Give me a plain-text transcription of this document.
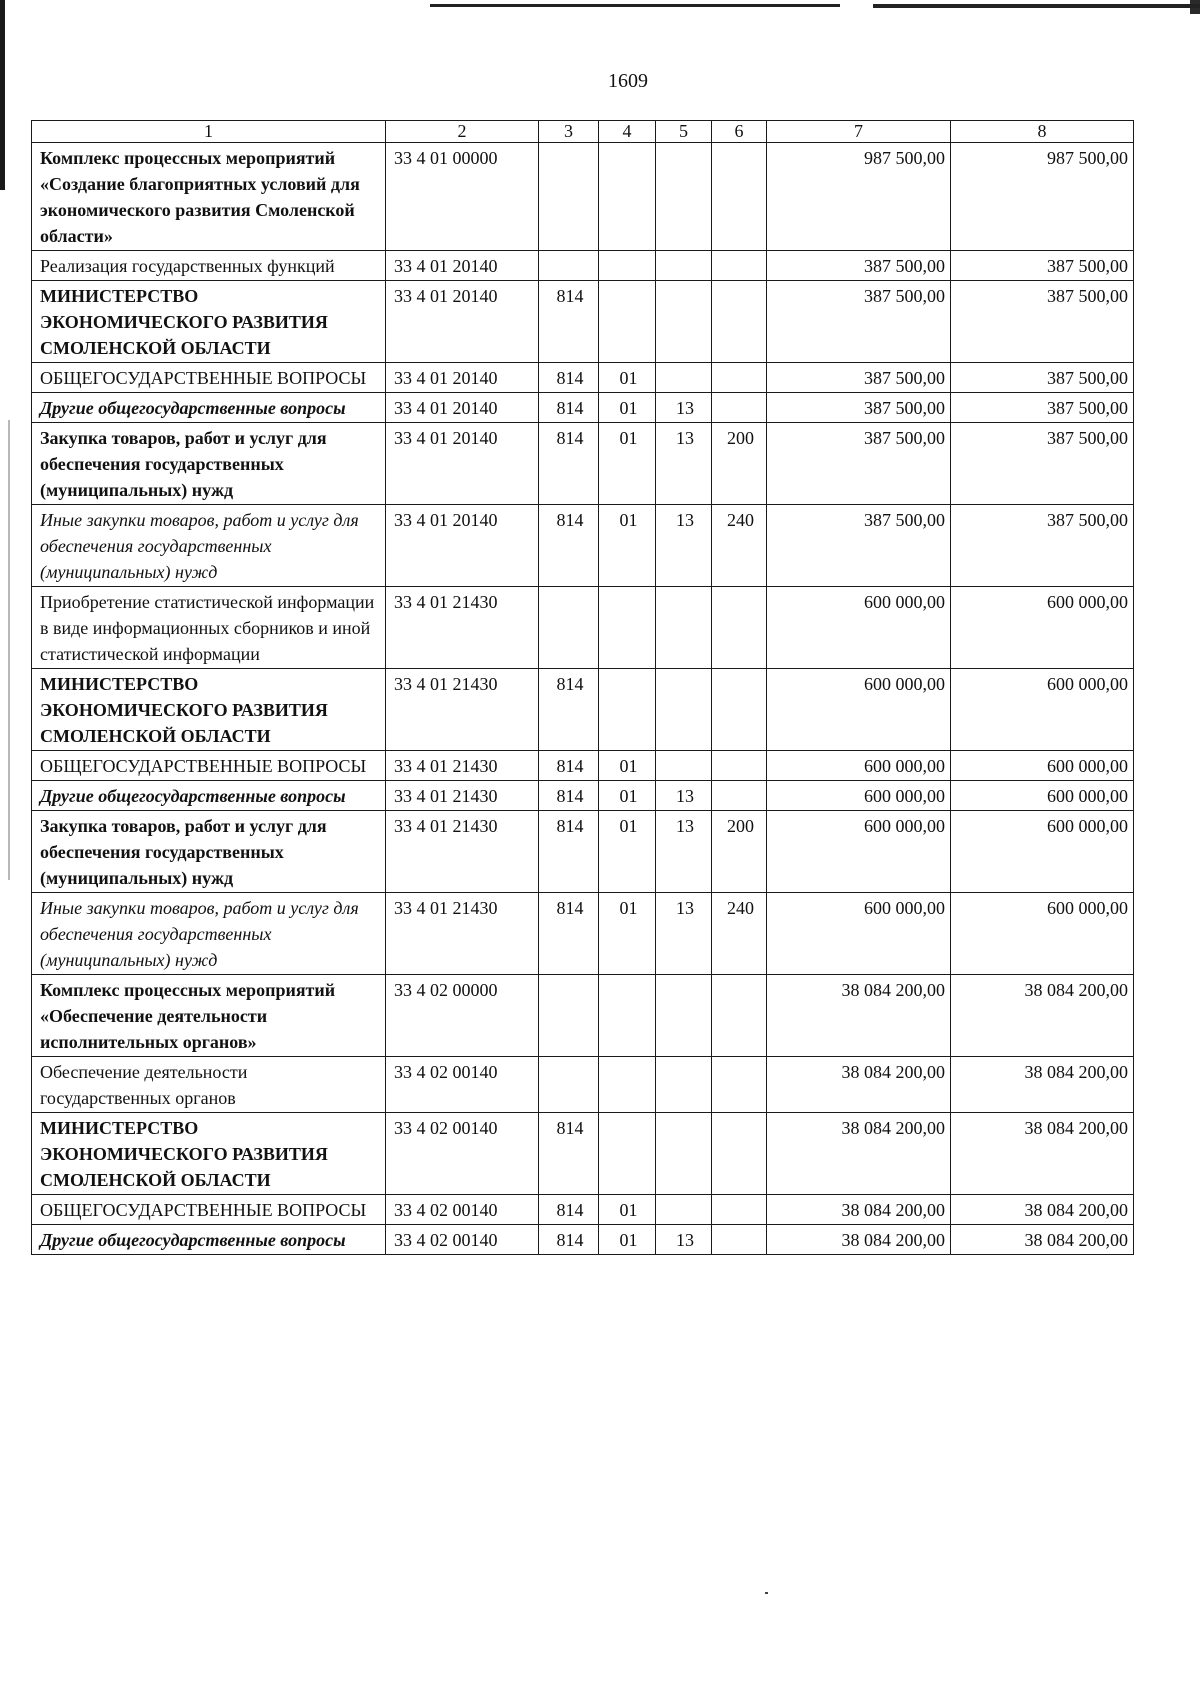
1609
1	2	3	4	5	6	7	8
Комплекс процессных мероприятий «Создание благоприятных условий для экономического развития Смоленской области»	33 4 01 00000					987 500,00	987 500,00
Реализация государственных функций	33 4 01 20140					387 500,00	387 500,00
МИНИСТЕРСТВО ЭКОНОМИЧЕСКОГО РАЗВИТИЯ СМОЛЕНСКОЙ ОБЛАСТИ	33 4 01 20140	814				387 500,00	387 500,00
ОБЩЕГОСУДАРСТВЕННЫЕ ВОПРОСЫ	33 4 01 20140	814	01			387 500,00	387 500,00
Другие общегосударственные вопросы	33 4 01 20140	814	01	13		387 500,00	387 500,00
Закупка товаров, работ и услуг для обеспечения государственных (муниципальных) нужд	33 4 01 20140	814	01	13	200	387 500,00	387 500,00
Иные закупки товаров, работ и услуг для обеспечения государственных (муниципальных) нужд	33 4 01 20140	814	01	13	240	387 500,00	387 500,00
Приобретение статистической информации в виде информационных сборников и иной статистической информации	33 4 01 21430					600 000,00	600 000,00
МИНИСТЕРСТВО ЭКОНОМИЧЕСКОГО РАЗВИТИЯ СМОЛЕНСКОЙ ОБЛАСТИ	33 4 01 21430	814				600 000,00	600 000,00
ОБЩЕГОСУДАРСТВЕННЫЕ ВОПРОСЫ	33 4 01 21430	814	01			600 000,00	600 000,00
Другие общегосударственные вопросы	33 4 01 21430	814	01	13		600 000,00	600 000,00
Закупка товаров, работ и услуг для обеспечения государственных (муниципальных) нужд	33 4 01 21430	814	01	13	200	600 000,00	600 000,00
Иные закупки товаров, работ и услуг для обеспечения государственных (муниципальных) нужд	33 4 01 21430	814	01	13	240	600 000,00	600 000,00
Комплекс процессных мероприятий «Обеспечение деятельности исполнительных органов»	33 4 02 00000					38 084 200,00	38 084 200,00
Обеспечение деятельности государственных органов	33 4 02 00140					38 084 200,00	38 084 200,00
МИНИСТЕРСТВО ЭКОНОМИЧЕСКОГО РАЗВИТИЯ СМОЛЕНСКОЙ ОБЛАСТИ	33 4 02 00140	814				38 084 200,00	38 084 200,00
ОБЩЕГОСУДАРСТВЕННЫЕ ВОПРОСЫ	33 4 02 00140	814	01			38 084 200,00	38 084 200,00
Другие общегосударственные вопросы	33 4 02 00140	814	01	13		38 084 200,00	38 084 200,00
